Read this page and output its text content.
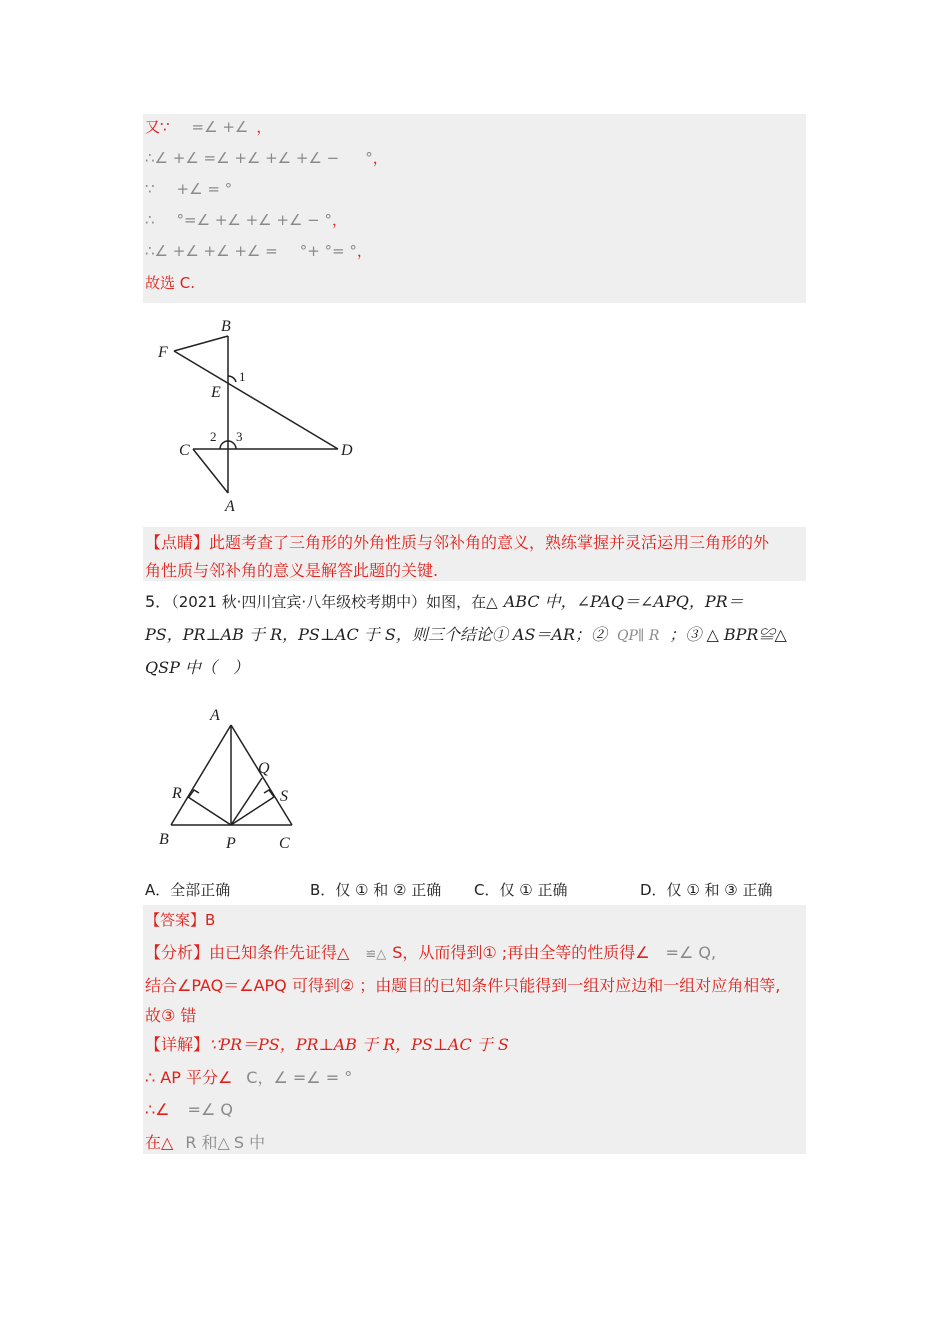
又∵ =∠ +∠ ，
∴∠ +∠ =∠ +∠ +∠ +∠ − °，
∵ +∠ = °
∴ °=∠ +∠ +∠ +∠ − °，
∴∠ +∠ +∠ +∠ = °+ °= °，
故选 C.
B
F
E
1
2 3
C	D
A
【点睛】此题考查了三角形的外角性质与邻补角的意义，熟练掌握并灵活运用三角形的外
角性质与邻补角的意义是解答此题的关键.
5．（2021 秋·四川宜宾·八年级校考期中）如图，在△ ABC 中，∠PAQ＝∠APQ，PR＝
PS，PR⊥AB 于 R，PS⊥AC 于 S，则三个结论① AS＝AR；② QP∥ R ；③ △ BPR≌△
QSP 中（　）
A
Q
R	S
B	P	C
A．全部正确	B．仅 ① 和 ② 正确 C．仅 ① 正确	D．仅 ① 和 ③ 正确
【答案】B
【分析】由已知条件先证得△ ≌△ S，从而得到① ;再由全等的性质得∠ =∠ Q,
结合∠PAQ＝∠APQ 可得到② ；由题目的已知条件只能得到一组对应边和一组对应角相等,
故③ 错
【详解】∵PR＝PS，PR⊥AB 于 R，PS⊥AC 于 S
∴ AP 平分∠ C，∠ =∠ = °
∴∠ =∠ Q
在△ R 和△ S 中
